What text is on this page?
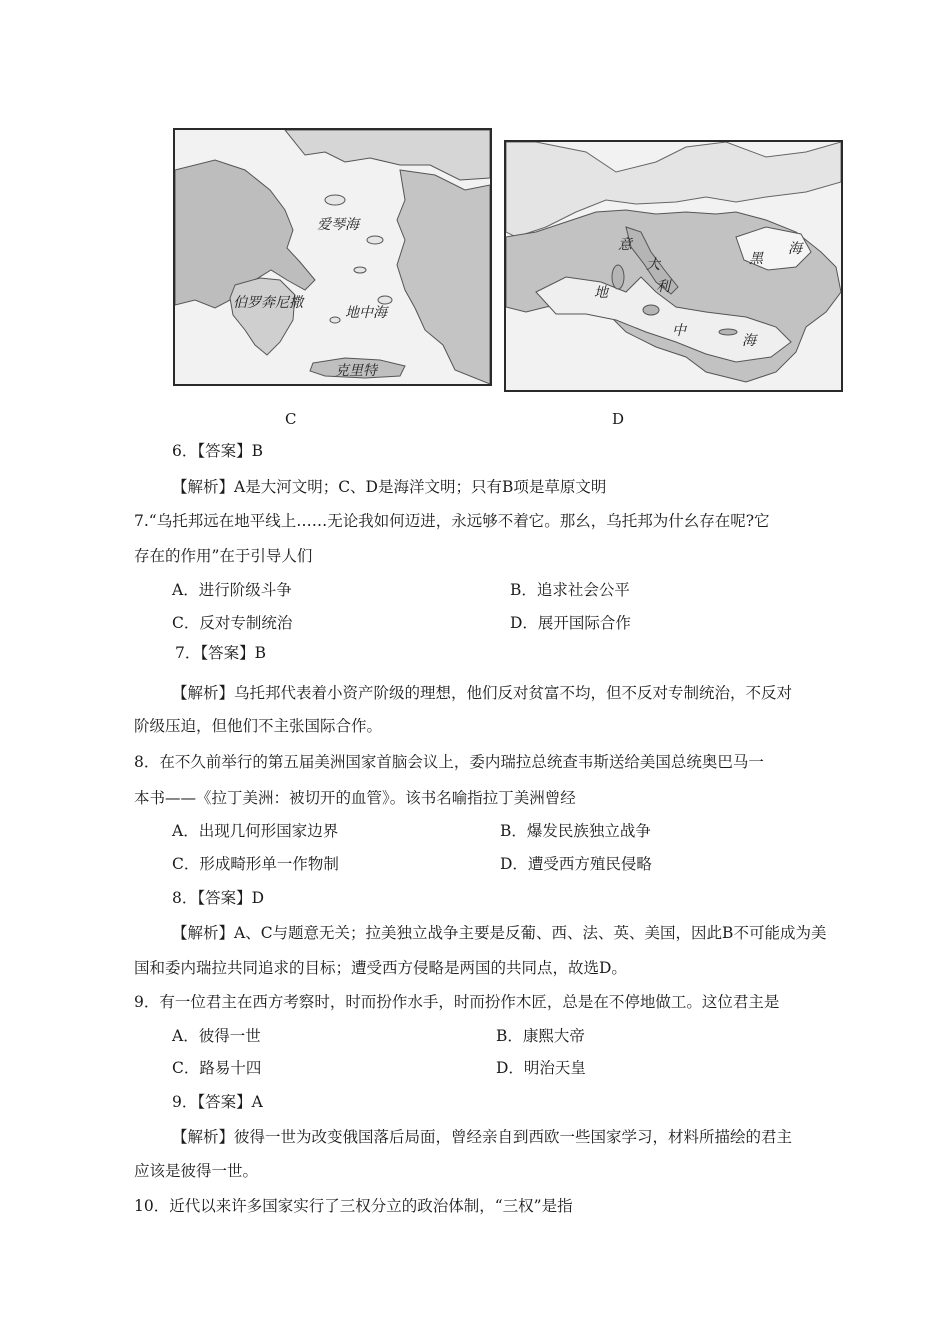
爱琴海
伯罗奔尼撒
地中海
克里特
C
黑
海
意
大
利
地
中
海
D
6．【答案】B
【解析】A是大河文明；C、D是海洋文明；只有B项是草原文明
7.“乌托邦远在地平线上……无论我如何迈进，永远够不着它。那幺，乌托邦为什幺存在呢?它
存在的作用”在于引导人们
A．进行阶级斗争	B．追求社会公平
C．反对专制统治	D．展开国际合作
7．【答案】B
【解析】乌托邦代表着小资产阶级的理想，他们反对贫富不均，但不反对专制统治，不反对
阶级压迫，但他们不主张国际合作。
8．在不久前举行的第五届美洲国家首脑会议上，委内瑞拉总统查韦斯送给美国总统奥巴马一
本书——《拉丁美洲：被切开的血管》。该书名喻指拉丁美洲曾经
A．出现几何形国家边界	B．爆发民族独立战争
C．形成畸形单一作物制	D．遭受西方殖民侵略
8．【答案】D
【解析】A、C与题意无关；拉美独立战争主要是反葡、西、法、英、美国，因此B不可能成为美
国和委内瑞拉共同追求的目标；遭受西方侵略是两国的共同点，故选D。
9．有一位君主在西方考察时，时而扮作水手，时而扮作木匠，总是在不停地做工。这位君主是
A．彼得一世	B．康熙大帝
C．路易十四	D．明治天皇
9．【答案】A
【解析】彼得一世为改变俄国落后局面，曾经亲自到西欧一些国家学习，材料所描绘的君主
应该是彼得一世。
10．近代以来许多国家实行了三权分立的政治体制，“三权”是指
